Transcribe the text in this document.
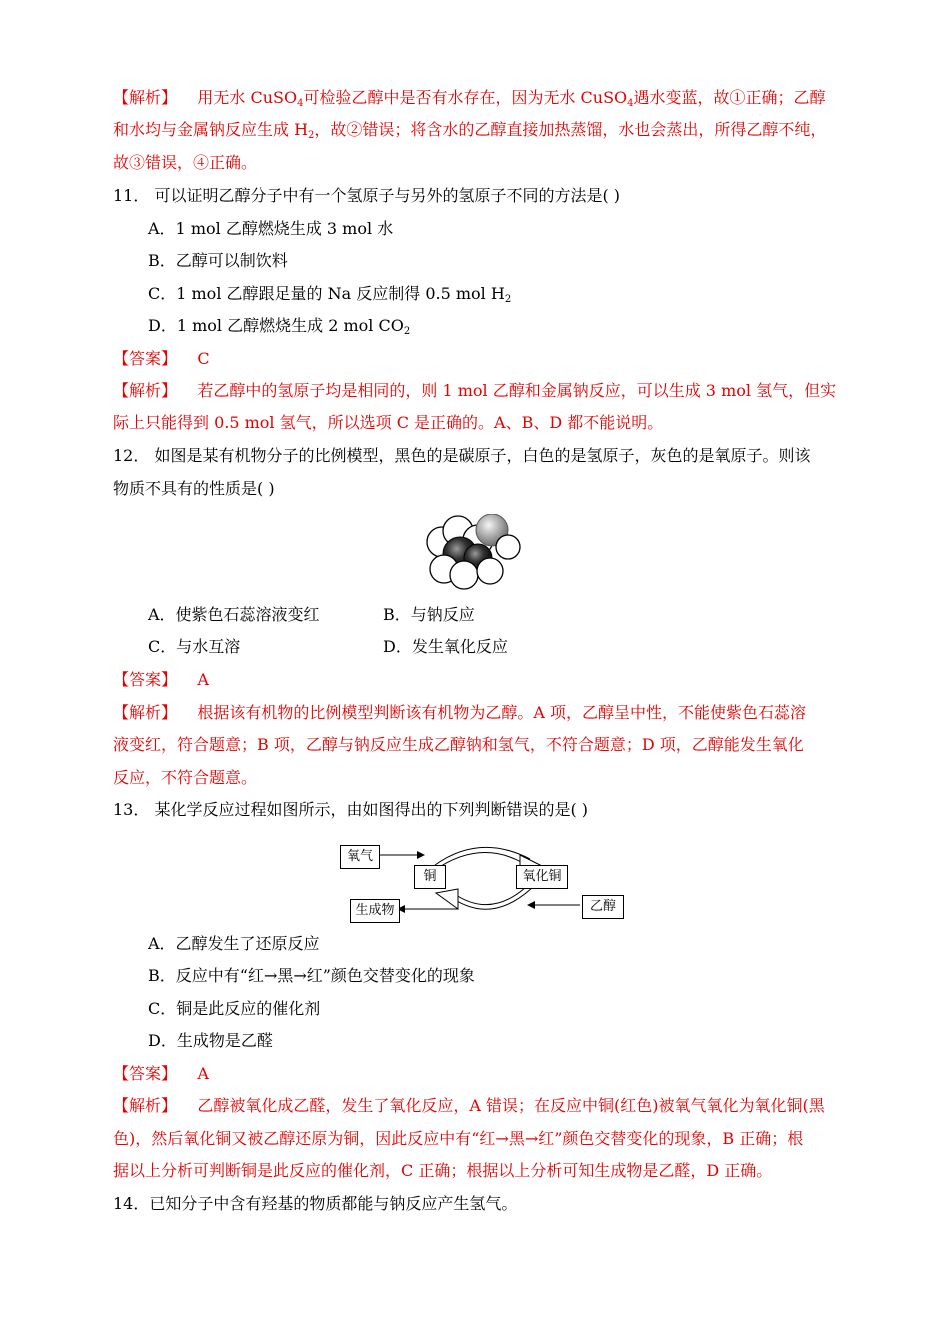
【解析】 用无水 CuSO$_4$可检验乙醇中是否有水存在，因为无水 CuSO$_4$遇水变蓝，故①正确；乙醇
和水均与金属钠反应生成 $H_2$，故②错误；将含水的乙醇直接加热蒸馏，水也会蒸出，所得乙醇不纯，
故③错误，④正确。
11． 可以证明乙醇分子中有一个氢原子与另外的氢原子不同的方法是( )
A．1 mol 乙醇燃烧生成 3 mol 水
B．乙醇可以制饮料
C．1 mol 乙醇跟足量的 Na 反应制得 0.5 mol $H_2$
D．1 mol 乙醇燃烧生成 2 mol $CO_2$
【答案】 C
【解析】 若乙醇中的氢原子均是相同的，则 1 mol 乙醇和金属钠反应，可以生成 3 mol 氢气，但实
际上只能得到 0.5 mol 氢气，所以选项 C 是正确的。A、B、D 都不能说明。
12． 如图是某有机物分子的比例模型，黑色的是碳原子，白色的是氢原子，灰色的是氧原子。则该
物质不具有的性质是( )
A．使紫色石蕊溶液变红	B．与钠反应
C．与水互溶	D．发生氧化反应
【答案】 A
【解析】 根据该有机物的比例模型判断该有机物为乙醇。A 项，乙醇呈中性，不能使紫色石蕊溶
液变红，符合题意；B 项，乙醇与钠反应生成乙醇钠和氢气，不符合题意；D 项，乙醇能发生氧化
反应，不符合题意。
13． 某化学反应过程如图所示，由如图得出的下列判断错误的是( )
氧气
铜	氧化铜
生成物	乙醇
A．乙醇发生了还原反应
B．反应中有“红→黑→红”颜色交替变化的现象
C．铜是此反应的催化剂
D．生成物是乙醛
【答案】 A
【解析】 乙醇被氧化成乙醛，发生了氧化反应，A 错误；在反应中铜(红色)被氧气氧化为氧化铜(黑
色)，然后氧化铜又被乙醇还原为铜，因此反应中有“红→黑→红”颜色交替变化的现象，B 正确；根
据以上分析可判断铜是此反应的催化剂，C 正确；根据以上分析可知生成物是乙醛，D 正确。
14．已知分子中含有羟基的物质都能与钠反应产生氢气。
